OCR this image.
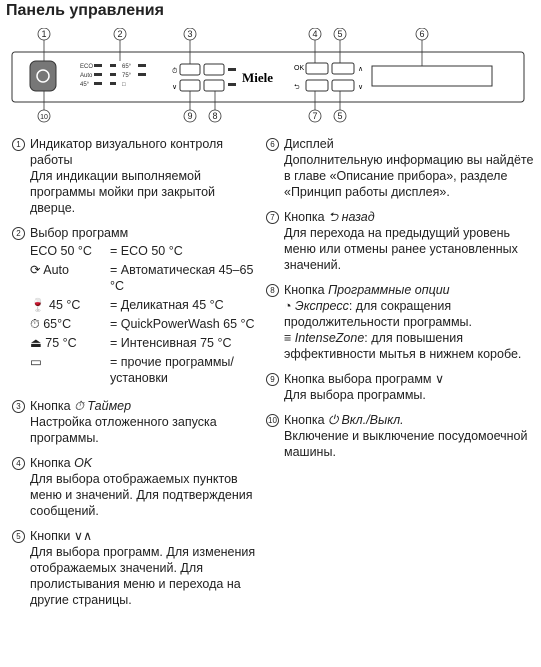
Панель управления
ECO
Auto
45°
65°
75°
□
⏱
∨
Miele
OK	∧
⮌	∨
1	2	3	4 5	6
10	9 8	7 5
1 Индикатор визуального контроля работы
Для индикации выполняемой программы мойки при закрытой дверце.
2 Выбор программ
ECO 50 °C	= ECO 50 °C
⟳ Auto	= Автоматическая 45–65 °C
🍷 45 °C	= Деликатная 45 °C
⏱ 65°C	= QuickPowerWash 65 °C
⏏ 75 °C	= Интенсивная 75 °C
▭	= прочие программы/установки
3 Кнопка ⏱ Таймер
Настройка отложенного запуска программы.
4 Кнопка OK
Для выбора отображаемых пунктов меню и значений. Для подтверждения сообщений.
5 Кнопки ∨∧
Для выбора программ. Для изменения отображаемых значений. Для пролистывания меню и перехода на другие страницы.
6 Дисплей
Дополнительную информацию вы найдёте в главе «Описание прибора», разделе «Принцип работы дисплея».
7 Кнопка ⮌ назад
Для перехода на предыдущий уровень меню или отмены ранее установленных значений.
8 Кнопка Программные опции
◔ Экспресс: для сокращения продолжительности программы.
≡ IntenseZone: для повышения эффективности мытья в нижнем коробе.
9 Кнопка выбора программ ∨
Для выбора программы.
10 Кнопка ⏻ Вкл./Выкл.
Включение и выключение посудомоечной машины.
